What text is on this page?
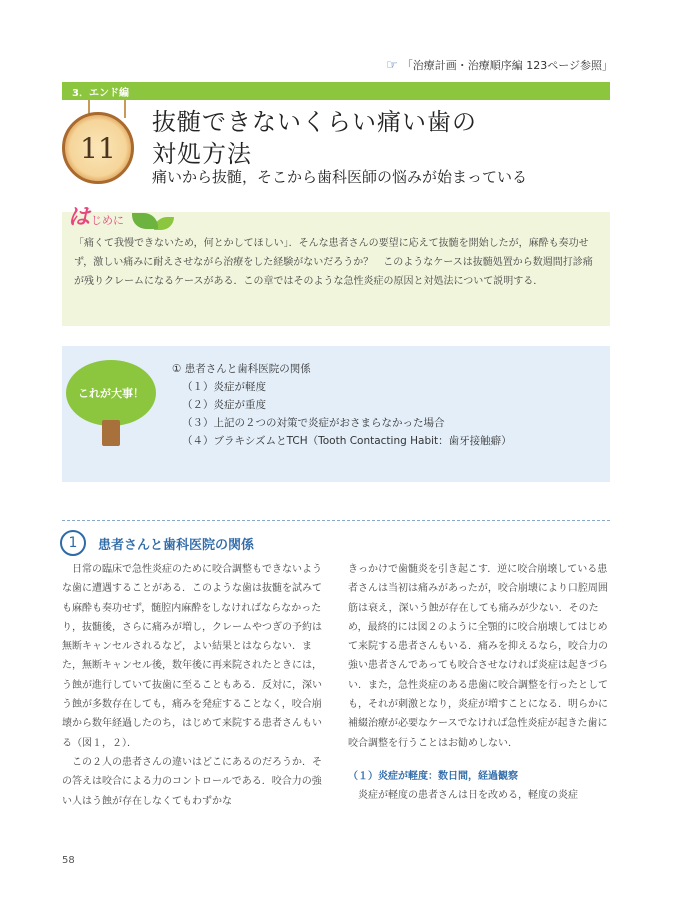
☞ 「治療計画・治療順序編 123ページ参照」
3．エンド編
11
抜髄できないくらい痛い歯の
対処方法
痛いから抜髄，そこから歯科医師の悩みが始まっている

「痛くて我慢できないため，何とかしてほしい」．そんな患者さんの要望に応えて抜髄を開始したが，麻酔も奏功せず，激しい痛みに耐えさせながら治療をした経験がないだろうか？　このようなケースは抜髄処置から数週間打診痛が残りクレームになるケースがある．この章ではそのような急性炎症の原因と対処法について説明する．

は じめに
これが大事！
① 患者さんと歯科医院の関係
（１）炎症が軽度
（２）炎症が重度
（３）上記の２つの対策で炎症がおさまらなかった場合
（４）ブラキシズムとTCH（Tooth Contacting Habit：歯牙接触癖）
1	患者さんと歯科医院の関係

日常の臨床で急性炎症のために咬合調整もできないような歯に遭遇することがある．このような歯は抜髄を試みても麻酔も奏功せず，髄腔内麻酔をしなければならなかったり，抜髄後，さらに痛みが増し，クレームやつぎの予約は無断キャンセルされるなど，よい結果とはならない．また，無断キャンセル後，数年後に再来院されたときには，う蝕が進行していて抜歯に至ることもある．反対に，深いう蝕が多数存在しても，痛みを発症することなく，咬合崩壊から数年経過したのち，はじめて来院する患者さんもいる（図１，２）．

この２人の患者さんの違いはどこにあるのだろうか．その答えは咬合による力のコントロールである．咬合力の強い人はう蝕が存在しなくてもわずかな

きっかけで歯髄炎を引き起こす．逆に咬合崩壊している患者さんは当初は痛みがあったが，咬合崩壊により口腔周囲筋は衰え，深いう蝕が存在しても痛みが少ない．そのため，最終的には図２のように全顎的に咬合崩壊してはじめて来院する患者さんもいる．痛みを抑えるなら，咬合力の強い患者さんであっても咬合させなければ炎症は起きづらい．また，急性炎症のある患歯に咬合調整を行ったとしても，それが刺激となり，炎症が増すことになる．明らかに補綴治療が必要なケースでなければ急性炎症が起きた歯に咬合調整を行うことはお勧めしない．

（１）炎症が軽度：数日間，経過観察

炎症が軽度の患者さんは日を改める，軽度の炎症

58
